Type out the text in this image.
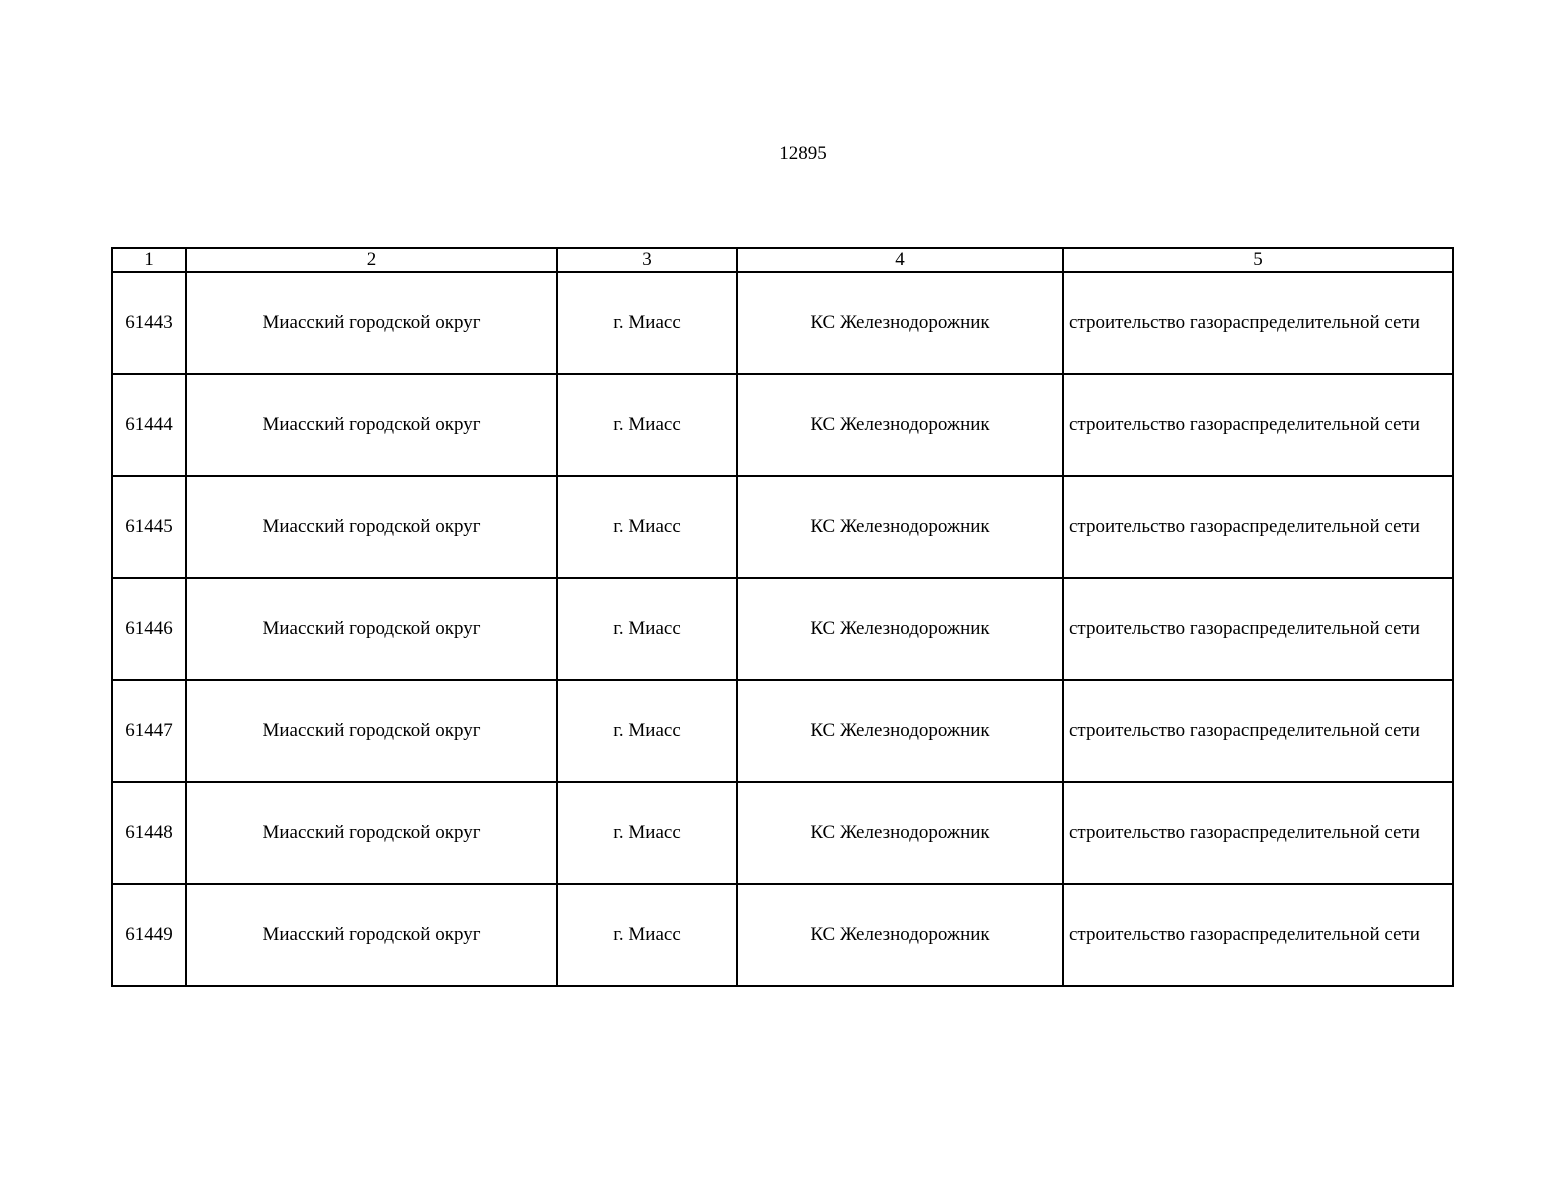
12895
1	2	3	4	5
61443	Миасский городской округ	г. Миасс	КС Железнодорожник	строительство газораспределительной сети
61444	Миасский городской округ	г. Миасс	КС Железнодорожник	строительство газораспределительной сети
61445	Миасский городской округ	г. Миасс	КС Железнодорожник	строительство газораспределительной сети
61446	Миасский городской округ	г. Миасс	КС Железнодорожник	строительство газораспределительной сети
61447	Миасский городской округ	г. Миасс	КС Железнодорожник	строительство газораспределительной сети
61448	Миасский городской округ	г. Миасс	КС Железнодорожник	строительство газораспределительной сети
61449	Миасский городской округ	г. Миасс	КС Железнодорожник	строительство газораспределительной сети
